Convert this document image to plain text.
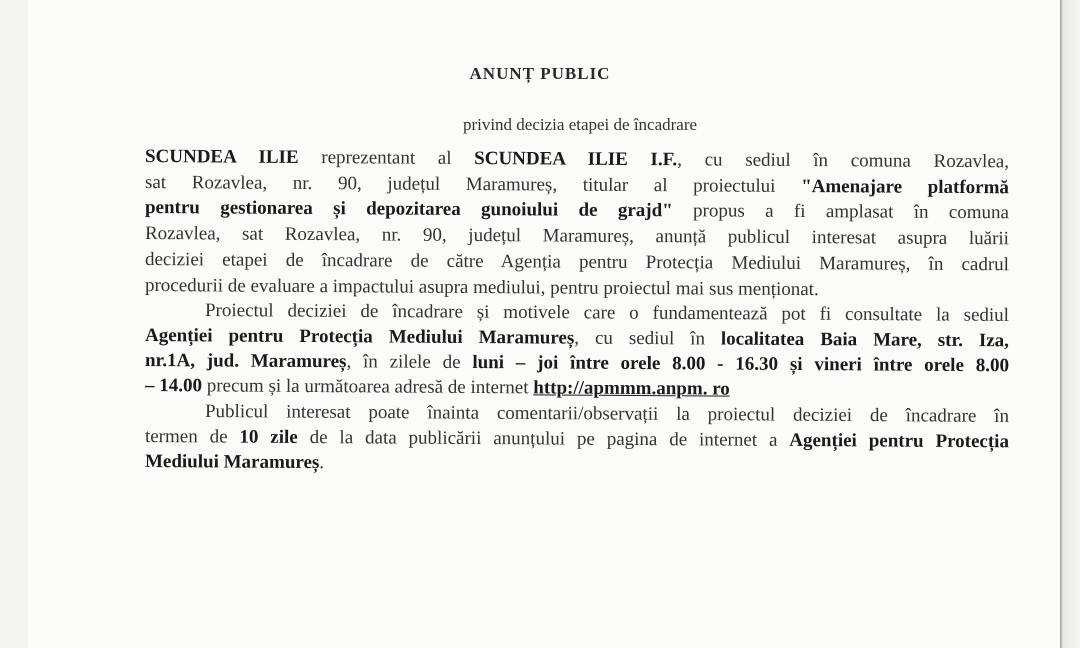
ANUNȚ PUBLIC
privind decizia etapei de încadrare
SCUNDEA ILIE reprezentant al SCUNDEA ILIE I.F., cu sediul în comuna Rozavlea,
sat Rozavlea, nr. 90, județul Maramureș, titular al proiectului "Amenajare platformă
pentru gestionarea și depozitarea gunoiului de grajd" propus a fi amplasat în comuna
Rozavlea, sat Rozavlea, nr. 90, județul Maramureș, anunță publicul interesat asupra luării
deciziei etapei de încadrare de către Agenția pentru Protecția Mediului Maramureș, în cadrul
procedurii de evaluare a impactului asupra mediului, pentru proiectul mai sus menționat.
Proiectul deciziei de încadrare și motivele care o fundamentează pot fi consultate la sediul
Agenției pentru Protecția Mediului Maramureș, cu sediul în localitatea Baia Mare, str. Iza,
nr.1A, jud. Maramureș, în zilele de luni – joi între orele 8.00 - 16.30 și vineri între orele 8.00
– 14.00 precum și la următoarea adresă de internet http://apmmm.anpm. ro
Publicul interesat poate înainta comentarii/observații la proiectul deciziei de încadrare în
termen de 10 zile de la data publicării anunțului pe pagina de internet a Agenției pentru Protecția
Mediului Maramureș.
